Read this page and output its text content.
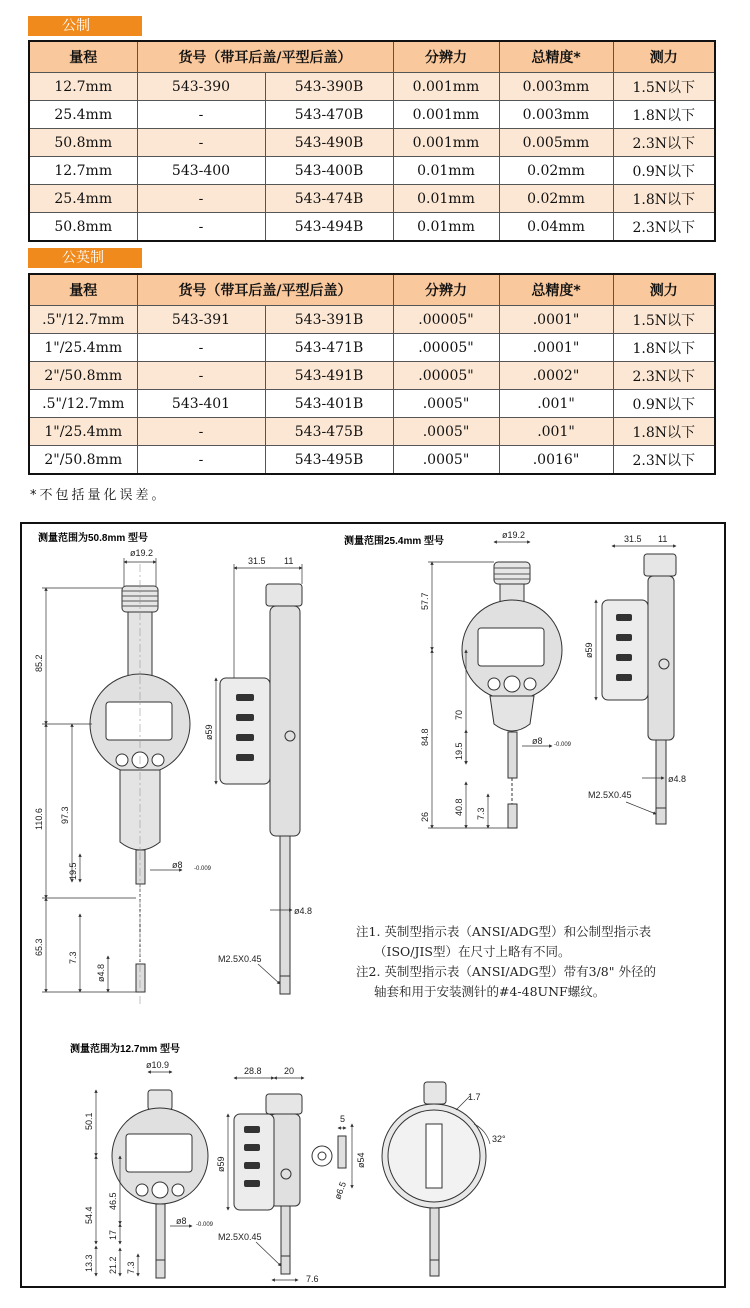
公制
量程	货号（带耳后盖/平型后盖）		分辨力	总精度*	测力
12.7mm	543-390	543-390B	0.001mm	0.003mm	1.5N以下
25.4mm	-	543-470B	0.001mm	0.003mm	1.8N以下
50.8mm	-	543-490B	0.001mm	0.005mm	2.3N以下
12.7mm	543-400	543-400B	0.01mm	0.02mm	0.9N以下
25.4mm	-	543-474B	0.01mm	0.02mm	1.8N以下
50.8mm	-	543-494B	0.01mm	0.04mm	2.3N以下
公英制
量程	货号（带耳后盖/平型后盖）		分辨力	总精度*	测力
.5"/12.7mm	543-391	543-391B	.00005"	.0001"	1.5N以下
1"/25.4mm	-	543-471B	.00005"	.0001"	1.8N以下
2"/50.8mm	-	543-491B	.00005"	.0002"	2.3N以下
.5"/12.7mm	543-401	543-401B	.0005"	.001"	0.9N以下
1"/25.4mm	-	543-475B	.0005"	.001"	1.8N以下
2"/50.8mm	-	543-495B	.0005"	.0016"	2.3N以下
*不包括量化误差。
测量范围为50.8mm 型号
ø19.2
85.2
110.6 97.3
19.5
65.3
7.3
ø4.8
ø8 -0.009
31.5 11
ø59
ø4.8
M2.5X0.45
测量范围25.4mm 型号
ø19.2
57.7
70
84.8
19.5
26
40.8 7.3
ø8 -0.009
31.5 11
ø59
ø4.8
M2.5X0.45
测量范围为12.7mm 型号
ø10.9
50.1
46.5
54.4
17
21.2
13.3	7.3
ø8 -0.009
28.8 20
ø59
5
ø54
ø6.5
M2.5X0.45
7.6
1.7
32°
注1. 英制型指示表（ANSI/ADG型）和公制型指示表
（ISO/JIS型）在尺寸上略有不同。
注2. 英制型指示表（ANSI/ADG型）带有3/8" 外径的
轴套和用于安装测针的#4-48UNF螺纹。
